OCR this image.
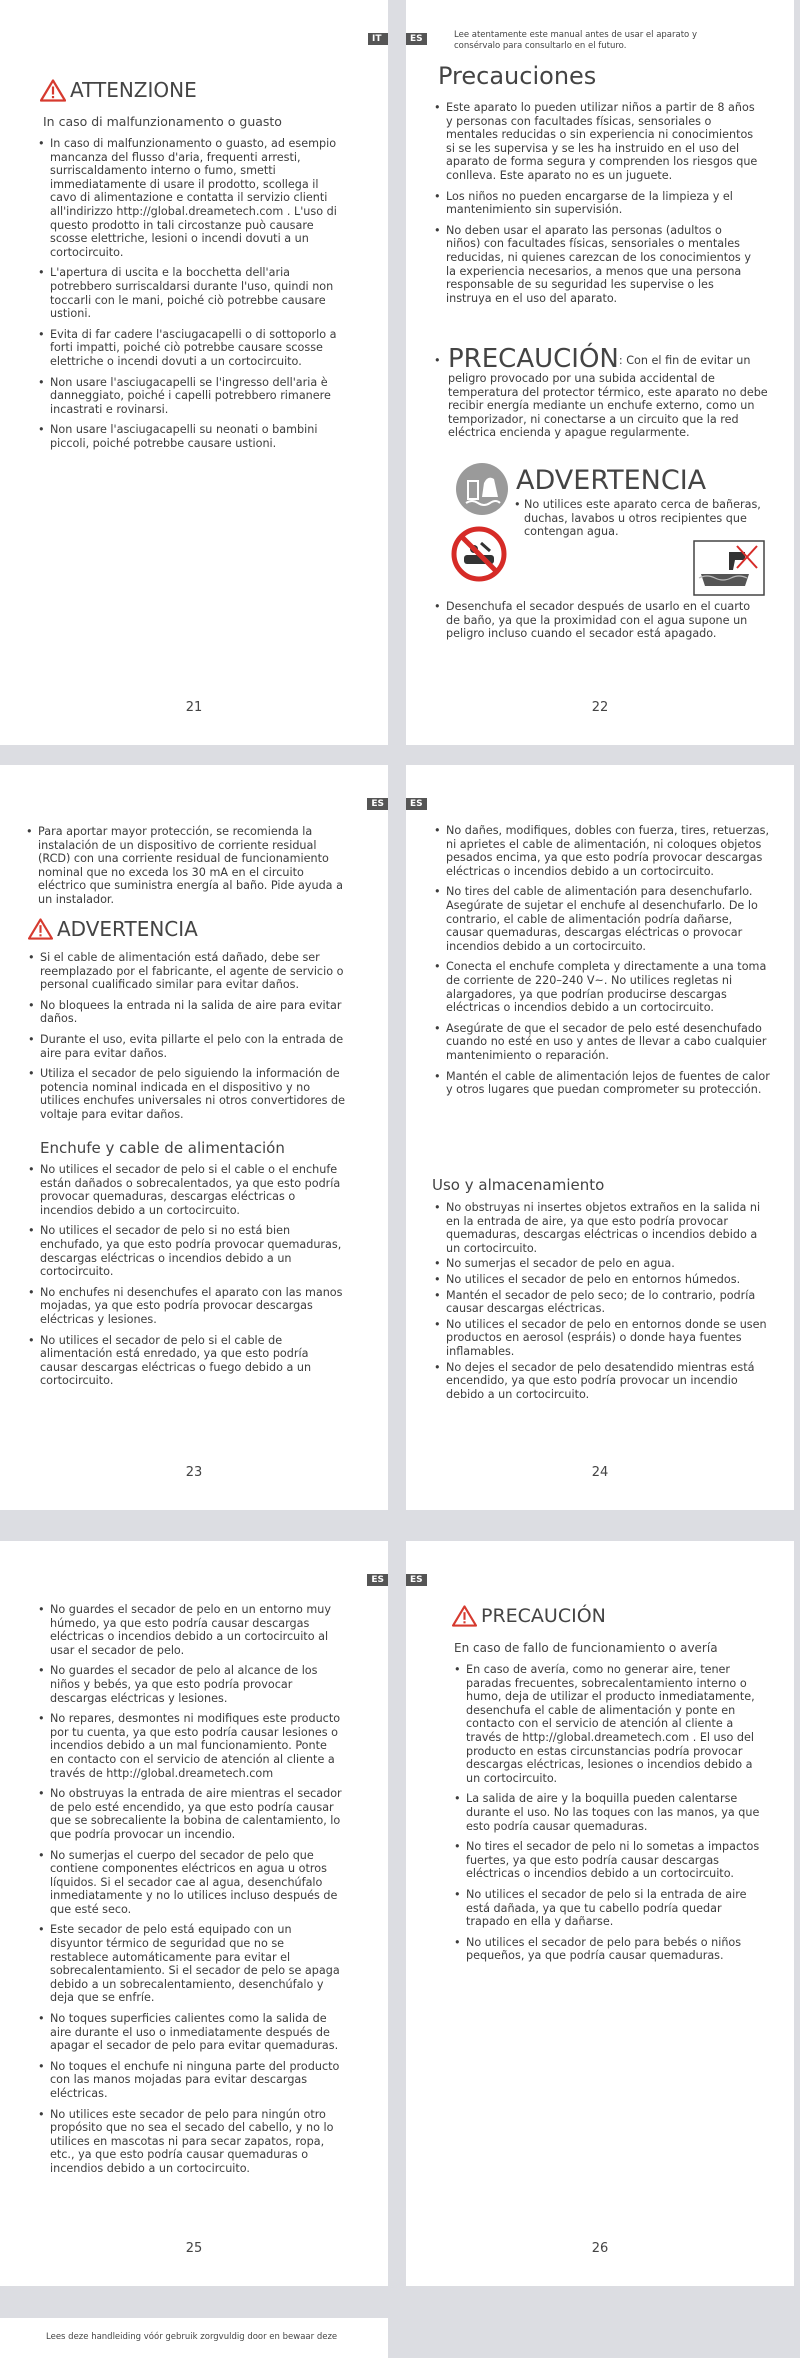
IT
ATTENZIONE
In caso di malfunzionamento o guasto
• In caso di malfunzionamento o guasto, ad esempio mancanza del flusso d'aria, frequenti arresti, surriscaldamento interno o fumo, smetti immediatamente di usare il prodotto, scollega il cavo di alimentazione e contatta il servizio clienti all'indirizzo http://global.dreametech.com . L'uso di questo prodotto in tali circostanze può causare scosse elettriche, lesioni o incendi dovuti a un cortocircuito.
• L'apertura di uscita e la bocchetta dell'aria potrebbero surriscaldarsi durante l'uso, quindi non toccarli con le mani, poiché ciò potrebbe causare ustioni.
• Evita di far cadere l'asciugacapelli o di sottoporlo a forti impatti, poiché ciò potrebbe causare scosse elettriche o incendi dovuti a un cortocircuito.
• Non usare l'asciugacapelli se l'ingresso dell'aria è danneggiato, poiché i capelli potrebbero rimanere incastrati e rovinarsi.
• Non usare l'asciugacapelli su neonati o bambini piccoli, poiché potrebbe causare ustioni.
21
ES	Lee atentamente este manual antes de usar el aparato y consérvalo para consultarlo en el futuro.
Precauciones
• Este aparato lo pueden utilizar niños a partir de 8 años y personas con facultades físicas, sensoriales o mentales reducidas o sin experiencia ni conocimientos si se les supervisa y se les ha instruido en el uso del aparato de forma segura y comprenden los riesgos que conlleva. Este aparato no es un juguete.
• Los niños no pueden encargarse de la limpieza y el mantenimiento sin supervisión.
• No deben usar el aparato las personas (adultos o niños) con facultades físicas, sensoriales o mentales reducidas, ni quienes carezcan de los conocimientos y la experiencia necesarios, a menos que una persona responsable de su seguridad les supervise o les instruya en el uso del aparato.
• PRECAUCIÓN: Con el fin de evitar un peligro provocado por una subida accidental de temperatura del protector térmico, este aparato no debe recibir energía mediante un enchufe externo, como un temporizador, ni conectarse a un circuito que la red eléctrica encienda y apague regularmente.
ADVERTENCIA
• No utilices este aparato cerca de bañeras, duchas, lavabos u otros recipientes que contengan agua.
• Desenchufa el secador después de usarlo en el cuarto de baño, ya que la proximidad con el agua supone un peligro incluso cuando el secador está apagado.
22
ES
• Para aportar mayor protección, se recomienda la instalación de un dispositivo de corriente residual (RCD) con una corriente residual de funcionamiento nominal que no exceda los 30 mA en el circuito eléctrico que suministra energía al baño. Pide ayuda a un instalador.
ADVERTENCIA
• Si el cable de alimentación está dañado, debe ser reemplazado por el fabricante, el agente de servicio o personal cualificado similar para evitar daños.
• No bloquees la entrada ni la salida de aire para evitar daños.
• Durante el uso, evita pillarte el pelo con la entrada de aire para evitar daños.
• Utiliza el secador de pelo siguiendo la información de potencia nominal indicada en el dispositivo y no utilices enchufes universales ni otros convertidores de voltaje para evitar daños.
Enchufe y cable de alimentación
• No utilices el secador de pelo si el cable o el enchufe están dañados o sobrecalentados, ya que esto podría provocar quemaduras, descargas eléctricas o incendios debido a un cortocircuito.
• No utilices el secador de pelo si no está bien enchufado, ya que esto podría provocar quemaduras, descargas eléctricas o incendios debido a un cortocircuito.
• No enchufes ni desenchufes el aparato con las manos mojadas, ya que esto podría provocar descargas eléctricas y lesiones.
• No utilices el secador de pelo si el cable de alimentación está enredado, ya que esto podría causar descargas eléctricas o fuego debido a un cortocircuito.
23
ES
• No dañes, modifiques, dobles con fuerza, tires, retuerzas, ni aprietes el cable de alimentación, ni coloques objetos pesados encima, ya que esto podría provocar descargas eléctricas o incendios debido a un cortocircuito.
• No tires del cable de alimentación para desenchufarlo. Asegúrate de sujetar el enchufe al desenchufarlo. De lo contrario, el cable de alimentación podría dañarse, causar quemaduras, descargas eléctricas o provocar incendios debido a un cortocircuito.
• Conecta el enchufe completa y directamente a una toma de corriente de 220–240 V~. No utilices regletas ni alargadores, ya que podrían producirse descargas eléctricas o incendios debido a un cortocircuito.
• Asegúrate de que el secador de pelo esté desenchufado cuando no esté en uso y antes de llevar a cabo cualquier mantenimiento o reparación.
• Mantén el cable de alimentación lejos de fuentes de calor y otros lugares que puedan comprometer su protección.
Uso y almacenamiento
• No obstruyas ni insertes objetos extraños en la salida ni en la entrada de aire, ya que esto podría provocar quemaduras, descargas eléctricas o incendios debido a un cortocircuito.
• No sumerjas el secador de pelo en agua.
• No utilices el secador de pelo en entornos húmedos.
• Mantén el secador de pelo seco; de lo contrario, podría causar descargas eléctricas.
• No utilices el secador de pelo en entornos donde se usen productos en aerosol (espráis) o donde haya fuentes inflamables.
• No dejes el secador de pelo desatendido mientras está encendido, ya que esto podría provocar un incendio debido a un cortocircuito.
24
ES
• No guardes el secador de pelo en un entorno muy húmedo, ya que esto podría causar descargas eléctricas o incendios debido a un cortocircuito al usar el secador de pelo.
• No guardes el secador de pelo al alcance de los niños y bebés, ya que esto podría provocar descargas eléctricas y lesiones.
• No repares, desmontes ni modifiques este producto por tu cuenta, ya que esto podría causar lesiones o incendios debido a un mal funcionamiento. Ponte en contacto con el servicio de atención al cliente a través de http://global.dreametech.com
• No obstruyas la entrada de aire mientras el secador de pelo esté encendido, ya que esto podría causar que se sobrecaliente la bobina de calentamiento, lo que podría provocar un incendio.
• No sumerjas el cuerpo del secador de pelo que contiene componentes eléctricos en agua u otros líquidos. Si el secador cae al agua, desenchúfalo inmediatamente y no lo utilices incluso después de que esté seco.
• Este secador de pelo está equipado con un disyuntor térmico de seguridad que no se restablece automáticamente para evitar el sobrecalentamiento. Si el secador de pelo se apaga debido a un sobrecalentamiento, desenchúfalo y deja que se enfríe.
• No toques superficies calientes como la salida de aire durante el uso o inmediatamente después de apagar el secador de pelo para evitar quemaduras.
• No toques el enchufe ni ninguna parte del producto con las manos mojadas para evitar descargas eléctricas.
• No utilices este secador de pelo para ningún otro propósito que no sea el secado del cabello, y no lo utilices en mascotas ni para secar zapatos, ropa, etc., ya que esto podría causar quemaduras o incendios debido a un cortocircuito.
25
ES
PRECAUCIÓN
En caso de fallo de funcionamiento o avería
• En caso de avería, como no generar aire, tener paradas frecuentes, sobrecalentamiento interno o humo, deja de utilizar el producto inmediatamente, desenchufa el cable de alimentación y ponte en contacto con el servicio de atención al cliente a través de http://global.dreametech.com . El uso del producto en estas circunstancias podría provocar descargas eléctricas, lesiones o incendios debido a un cortocircuito.
• La salida de aire y la boquilla pueden calentarse durante el uso. No las toques con las manos, ya que esto podría causar quemaduras.
• No tires el secador de pelo ni lo sometas a impactos fuertes, ya que esto podría causar descargas eléctricas o incendios debido a un cortocircuito.
• No utilices el secador de pelo si la entrada de aire está dañada, ya que tu cabello podría quedar trapado en ella y dañarse.
• No utilices el secador de pelo para bebés o niños pequeños, ya que podría causar quemaduras.
26
Lees deze handleiding vóór gebruik zorgvuldig door en bewaar deze
